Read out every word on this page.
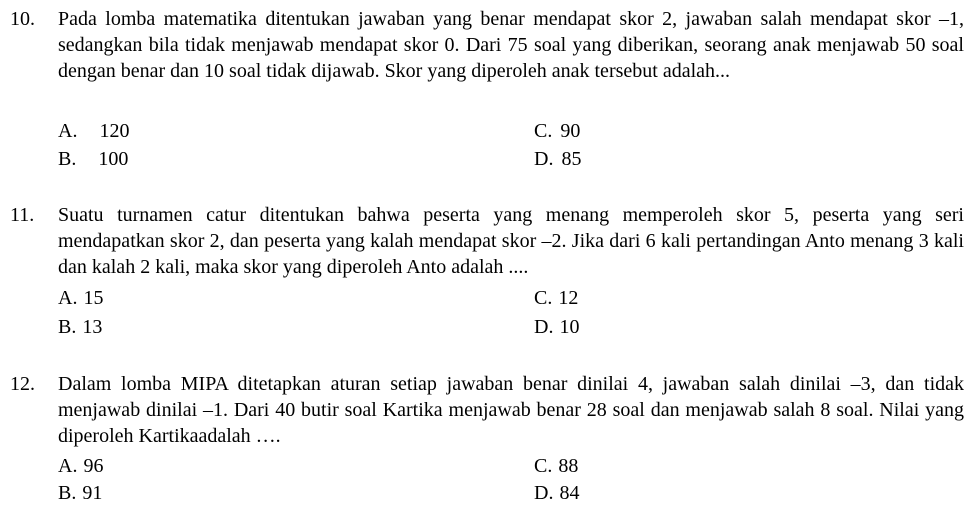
10. Pada lomba matematika ditentukan jawaban yang benar mendapat skor 2, jawaban salah mendapat skor –1, sedangkan bila tidak menjawab mendapat skor 0. Dari 75 soal yang diberikan, seorang anak menjawab 50 soal dengan benar dan 10 soal tidak dijawab. Skor yang diperoleh anak tersebut adalah...
A. 120
B. 100
C. 90
D. 85
11. Suatu turnamen catur ditentukan bahwa peserta yang menang memperoleh skor 5, peserta yang seri mendapatkan skor 2, dan peserta yang kalah mendapat skor –2. Jika dari 6 kali pertandingan Anto menang 3 kali dan kalah 2 kali, maka skor yang diperoleh Anto adalah ....
A. 15
B. 13
C. 12
D. 10
12. Dalam lomba MIPA ditetapkan aturan setiap jawaban benar dinilai 4, jawaban salah dinilai –3, dan tidak menjawab dinilai –1. Dari 40 butir soal Kartika menjawab benar 28 soal dan menjawab salah 8 soal. Nilai yang diperoleh Kartikaadalah ….
A. 96
B. 91
C. 88
D. 84
